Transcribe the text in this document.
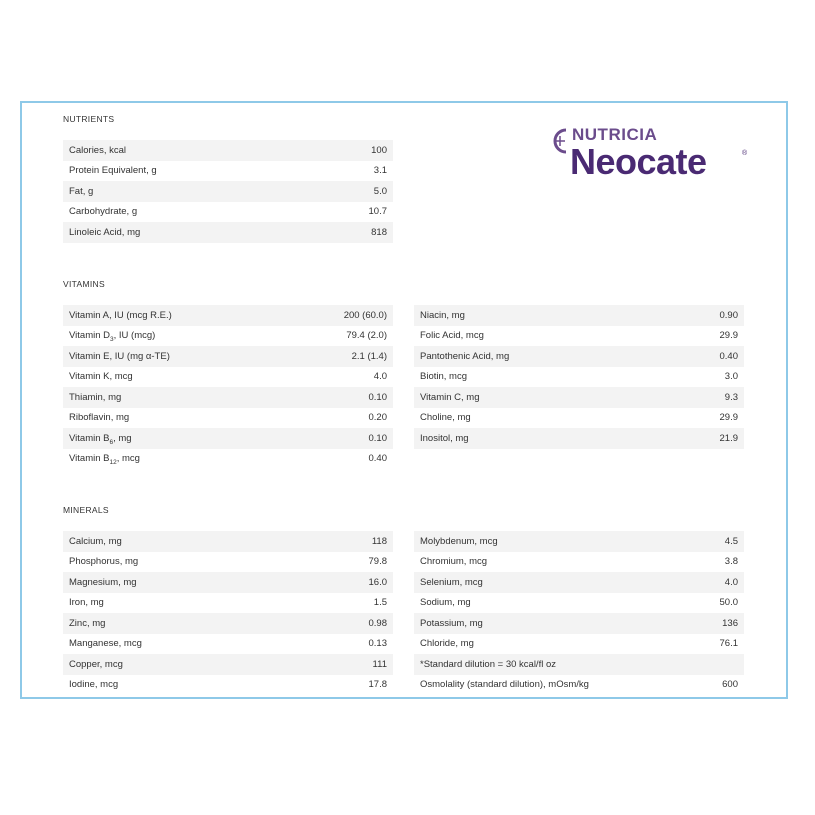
NUTRICIA
Neocate	®
NUTRIENTS
Calories, kcal	100
Protein Equivalent, g	3.1
Fat, g	5.0
Carbohydrate, g	10.7
Linoleic Acid, mg	818
VITAMINS
Vitamin A, IU (mcg R.E.)	200 (60.0)
Vitamin $D_3$, IU (mcg)	79.4 (2.0)
Vitamin E, IU (mg α-TE)	2.1 (1.4)
Vitamin K, mcg	4.0
Thiamin, mg	0.10
Riboflavin, mg	0.20
Vitamin $B_6$, mg	0.10
Vitamin $B_{12}$, mcg	0.40
Niacin, mg	0.90
Folic Acid, mcg	29.9
Pantothenic Acid, mg	0.40
Biotin, mcg	3.0
Vitamin C, mg	9.3
Choline, mg	29.9
Inositol, mg	21.9
MINERALS
Calcium, mg	118
Phosphorus, mg	79.8
Magnesium, mg	16.0
Iron, mg	1.5
Zinc, mg	0.98
Manganese, mcg	0.13
Copper, mcg	111
Iodine, mcg	17.8
Molybdenum, mcg	4.5
Chromium, mcg	3.8
Selenium, mcg	4.0
Sodium, mg	50.0
Potassium, mg	136
Chloride, mg	76.1
*Standard dilution = 30 kcal/fl oz
Osmolality (standard dilution), mOsm/kg	600
